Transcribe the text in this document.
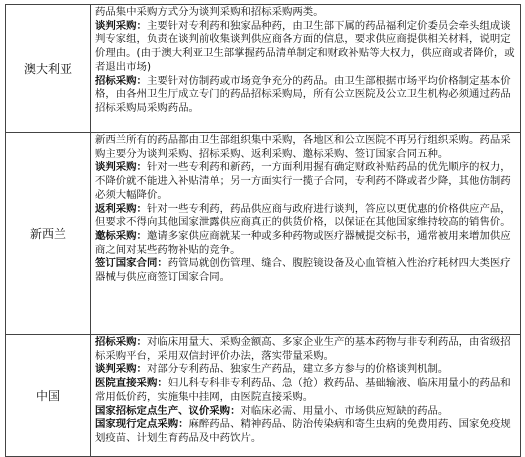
澳大利亚	药品集中采购方式分为谈判采购和招标采购两类。

谈判采购：主要针对专利药和独家品种药，由卫生部下属的药品福利定价委员会牵头组成谈判专家组，负责在谈判前收集谈判供应商各方面的信息，要求供应商提供相关材料，说明定价理由。(由于澳大利亚卫生部掌握药品清单制定和财政补贴等大权力，供应商或者降价，或者退出市场)

招标采购：主要针对仿制药或市场竞争充分的药品。由卫生部根据市场平均价格制定基本价格，由各州卫生厅成立专门的药品招标采购局，所有公立医院及公立卫生机构必须通过药品招标采购局采购药品。

新西兰	新西兰所有的药品都由卫生部组织集中采购，各地区和公立医院不再另行组织采购。药品采购主要分为谈判采购、招标采购、返利采购、邀标采购、签订国家合同五种。

谈判采购：针对一些专利药和新药，一方面利用握有确定财政补贴药品的优先顺序的权力，不降价就不能进入补贴清单；另一方面实行一揽子合同，专利药不降或者少降，其他仿制药必须大幅降价。

返利采购：针对一些专利药，药品供应商与政府进行谈判，答应以更优惠的价格供应产品，但要求不得向其他国家泄露供应商真正的供货价格，以保证在其他国家维持较高的销售价。

邀标采购：邀请多家供应商就某一种或多种药物或医疗器械提交标书，通常被用来增加供应商之间对某些药物补贴的竞争。

签订国家合同：药管局就创伤管理、缝合、腹腔镜设备及心血管植入性治疗耗材四大类医疗器械与供应商签订国家合同。

中国	招标采购：对临床用量大、采购金额高、多家企业生产的基本药物与非专利药品，由省级招标采购平台，采用双信封评价办法，落实带量采购。

谈判采购：对部分专利药品、独家生产药品，建立多方参与的价格谈判机制。

医院直接采购：妇儿科专科非专利药品、急（抢）救药品、基础输液、临床用量小的药品和常用低价药，实施集中挂网，由医院直接采购。

国家招标定点生产、议价采购：对临床必需、用量小、市场供应短缺的药品。

国家现行定点采购：麻醉药品、精神药品、防治传染病和寄生虫病的免费用药、国家免疫规划疫苗、计划生育药品及中药饮片。
